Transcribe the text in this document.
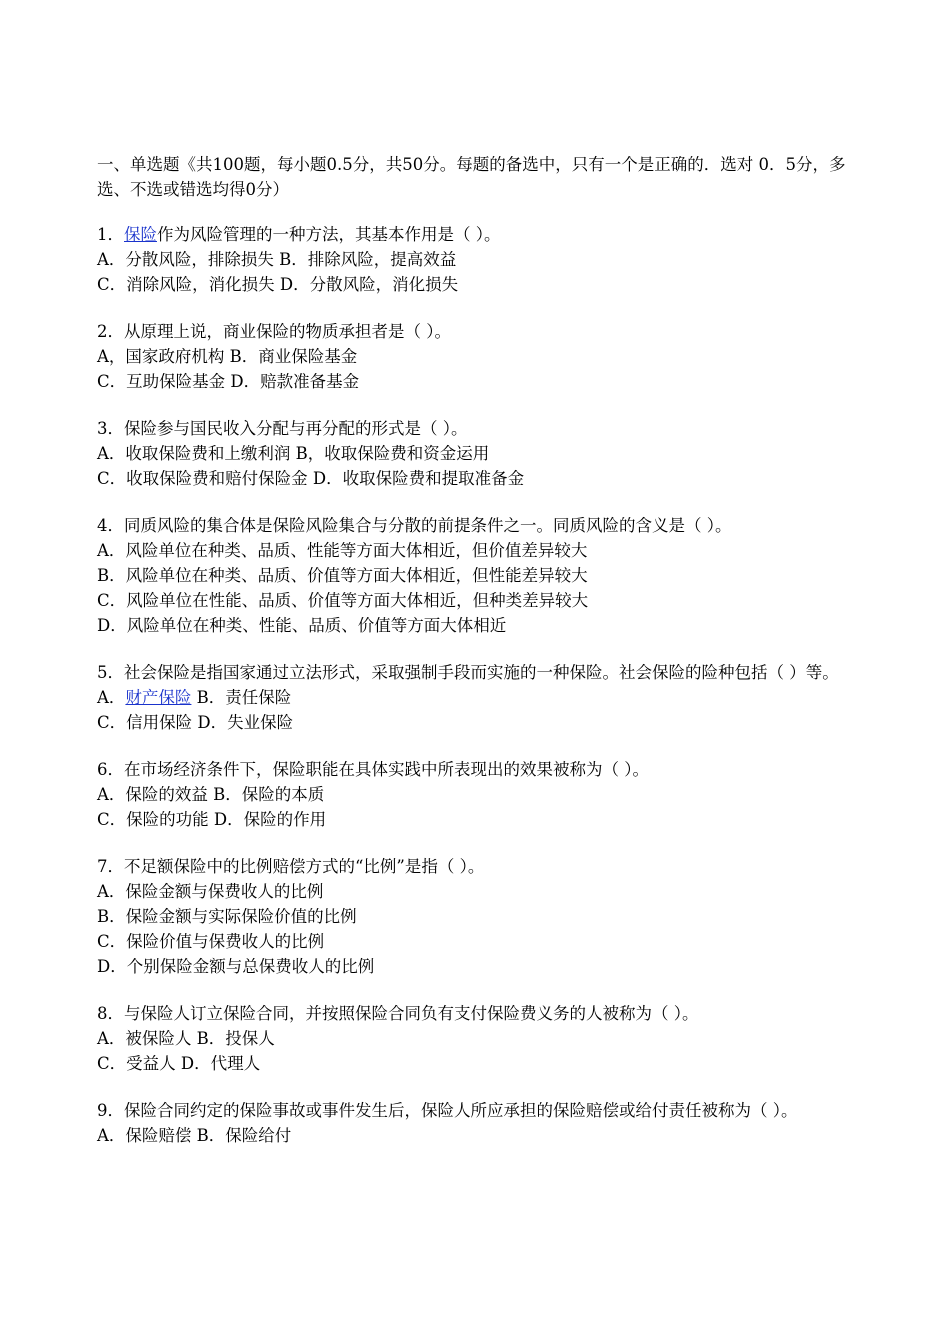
一、单选题《共100题，每小题0.5分，共50分。每题的备选中，只有一个是正确的．选对 0．5分，多选、不选或错选均得0分）
1．保险作为风险管理的一种方法，其基本作用是（ ）。
A．分散风险，排除损失 B．排除风险，提高效益
C．消除风险，消化损失 D．分散风险，消化损失
2．从原理上说，商业保险的物质承担者是（ ）。
A，国家政府机构 B．商业保险基金
C．互助保险基金 D．赔款准备基金
3．保险参与国民收入分配与再分配的形式是（ ）。
A．收取保险费和上缴利润 B，收取保险费和资金运用
C．收取保险费和赔付保险金 D．收取保险费和提取准备金
4．同质风险的集合体是保险风险集合与分散的前提条件之一。同质风险的含义是（ ）。
A．风险单位在种类、品质、性能等方面大体相近，但价值差异较大
B．风险单位在种类、品质、价值等方面大体相近，但性能差异较大
C．风险单位在性能、品质、价值等方面大体相近，但种类差异较大
D．风险单位在种类、性能、品质、价值等方面大体相近
5．社会保险是指国家通过立法形式，采取强制手段而实施的一种保险。社会保险的险种包括（ ）等。
A．财产保险 B．责任保险
C．信用保险 D．失业保险
6．在市场经济条件下，保险职能在具体实践中所表现出的效果被称为（ ）。
A．保险的效益 B．保险的本质
C．保险的功能 D．保险的作用
7．不足额保险中的比例赔偿方式的“比例”是指（ ）。
A．保险金额与保费收人的比例
B．保险金额与实际保险价值的比例
C．保险价值与保费收人的比例
D．个别保险金额与总保费收人的比例
8．与保险人订立保险合同，并按照保险合同负有支付保险费义务的人被称为（ ）。
A．被保险人 B．投保人
C．受益人 D．代理人
9．保险合同约定的保险事故或事件发生后，保险人所应承担的保险赔偿或给付责任被称为（ ）。
A．保险赔偿 B．保险给付
